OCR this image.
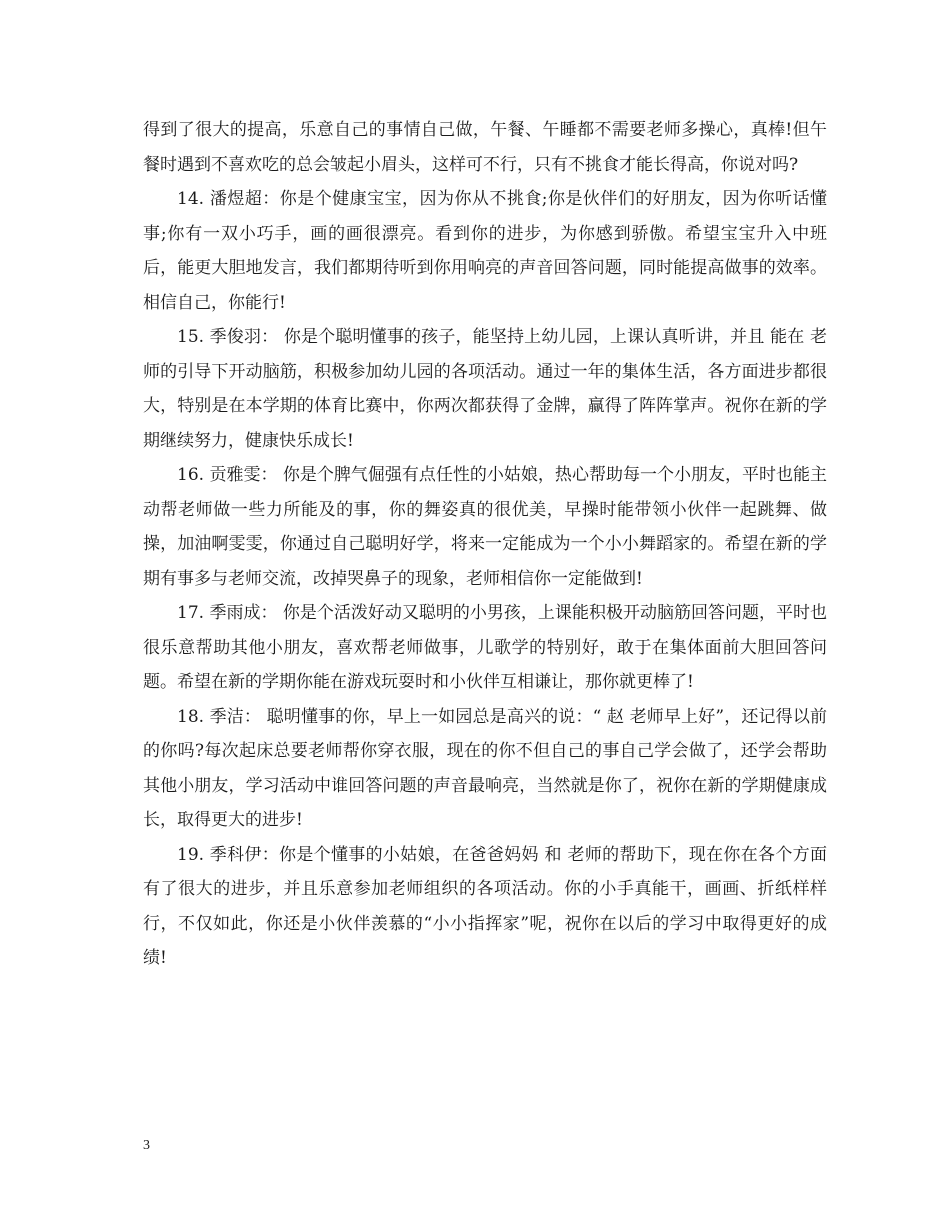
得到了很大的提高，乐意自己的事情自己做，午餐、午睡都不需要老师多操心，真棒!但午餐时遇到不喜欢吃的总会皱起小眉头，这样可不行，只有不挑食才能长得高，你说对吗?

14. 潘煜超：你是个健康宝宝，因为你从不挑食;你是伙伴们的好朋友，因为你听话懂事;你有一双小巧手，画的画很漂亮。看到你的进步，为你感到骄傲。希望宝宝升入中班后，能更大胆地发言，我们都期待听到你用响亮的声音回答问题，同时能提高做事的效率。相信自己，你能行!

15. 季俊羽： 你是个聪明懂事的孩子，能坚持上幼儿园，上课认真听讲，并且 能在 老师的引导下开动脑筋，积极参加幼儿园的各项活动。通过一年的集体生活，各方面进步都很大，特别是在本学期的体育比赛中，你两次都获得了金牌，赢得了阵阵掌声。祝你在新的学期继续努力，健康快乐成长!

16. 贡雅雯： 你是个脾气倔强有点任性的小姑娘，热心帮助每一个小朋友，平时也能主动帮老师做一些力所能及的事，你的舞姿真的很优美，早操时能带领小伙伴一起跳舞、做操，加油啊雯雯，你通过自己聪明好学，将来一定能成为一个小小舞蹈家的。希望在新的学期有事多与老师交流，改掉哭鼻子的现象，老师相信你一定能做到!

17. 季雨成： 你是个活泼好动又聪明的小男孩，上课能积极开动脑筋回答问题，平时也很乐意帮助其他小朋友，喜欢帮老师做事，儿歌学的特别好，敢于在集体面前大胆回答问题。希望在新的学期你能在游戏玩耍时和小伙伴互相谦让，那你就更棒了!

18. 季洁： 聪明懂事的你，早上一如园总是高兴的说：“ 赵 老师早上好”，还记得以前的你吗?每次起床总要老师帮你穿衣服，现在的你不但自己的事自己学会做了，还学会帮助其他小朋友，学习活动中谁回答问题的声音最响亮，当然就是你了，祝你在新的学期健康成长，取得更大的进步!

19. 季科伊：你是个懂事的小姑娘，在爸爸妈妈 和 老师的帮助下，现在你在各个方面有了很大的进步，并且乐意参加老师组织的各项活动。你的小手真能干，画画、折纸样样行，不仅如此，你还是小伙伴羡慕的“小小指挥家”呢，祝你在以后的学习中取得更好的成绩!

3
